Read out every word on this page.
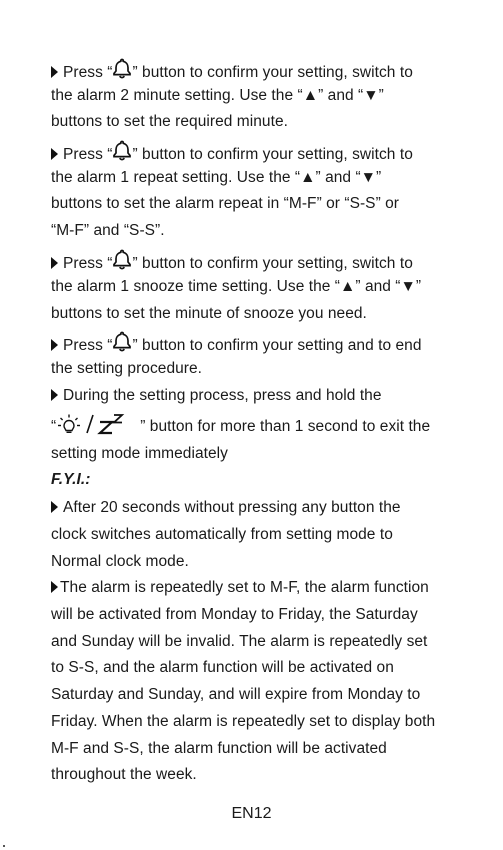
Press “ ” button to confirm your setting, switch to
the alarm 2 minute setting. Use the “▲” and “▼”
buttons to set the required minute.
Press “ ” button to confirm your setting, switch to
the alarm 1 repeat setting. Use the “▲” and “▼”
buttons to set the alarm repeat in “M-F” or “S-S” or
“M-F” and “S-S”.
Press “ ” button to confirm your setting, switch to
the alarm 1 snooze time setting. Use the “▲” and “▼”
buttons to set the minute of snooze you need.
Press “ ” button to confirm your setting and to end
the setting procedure.
During the setting process, press and hold the
“	” button for more than 1 second to exit the
setting mode immediately
F.Y.I.:
After 20 seconds without pressing any button the
clock switches automatically from setting mode to
Normal clock mode.
The alarm is repeatedly set to M-F, the alarm function
will be activated from Monday to Friday, the Saturday
and Sunday will be invalid. The alarm is repeatedly set
to S-S, and the alarm function will be activated on
Saturday and Sunday, and will expire from Monday to
Friday. When the alarm is repeatedly set to display both
M-F and S-S, the alarm function will be activated
throughout the week.
EN12
